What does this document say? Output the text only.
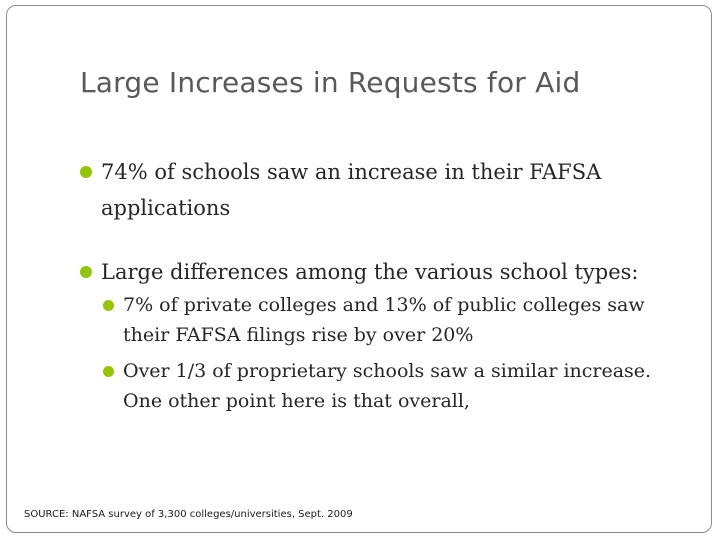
Large Increases in Requests for Aid
74% of schools saw an increase in their FAFSA applications
Large differences among the various school types:
7% of private colleges and 13% of public colleges saw their FAFSA filings rise by over 20%
Over 1/3 of proprietary schools saw a similar increase. One other point here is that overall,
SOURCE: NAFSA survey of 3,300 colleges/universities, Sept. 2009
